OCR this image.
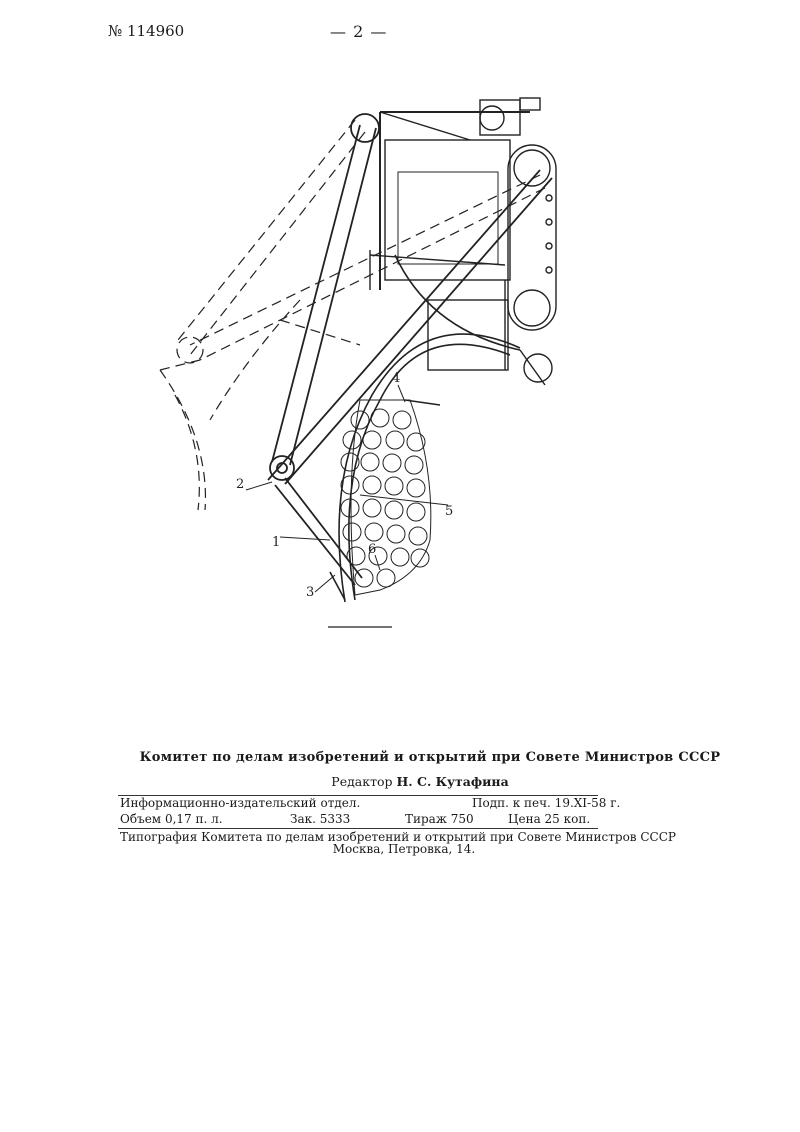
№ 114960	— 2 —
1
2
3
4
5
6
Комитет по делам изобретений и открытий при Совете Министров СССР
Редактор Н. С. Кутафина
Информационно-издательский отдел.	Подп. к печ. 19.XI-58 г.
Объем 0,17 п. л.	Зак. 5333	Тираж 750	Цена 25 коп.
Типография Комитета по делам изобретений и открытий при Совете Министров СССР
Москва, Петровка, 14.
